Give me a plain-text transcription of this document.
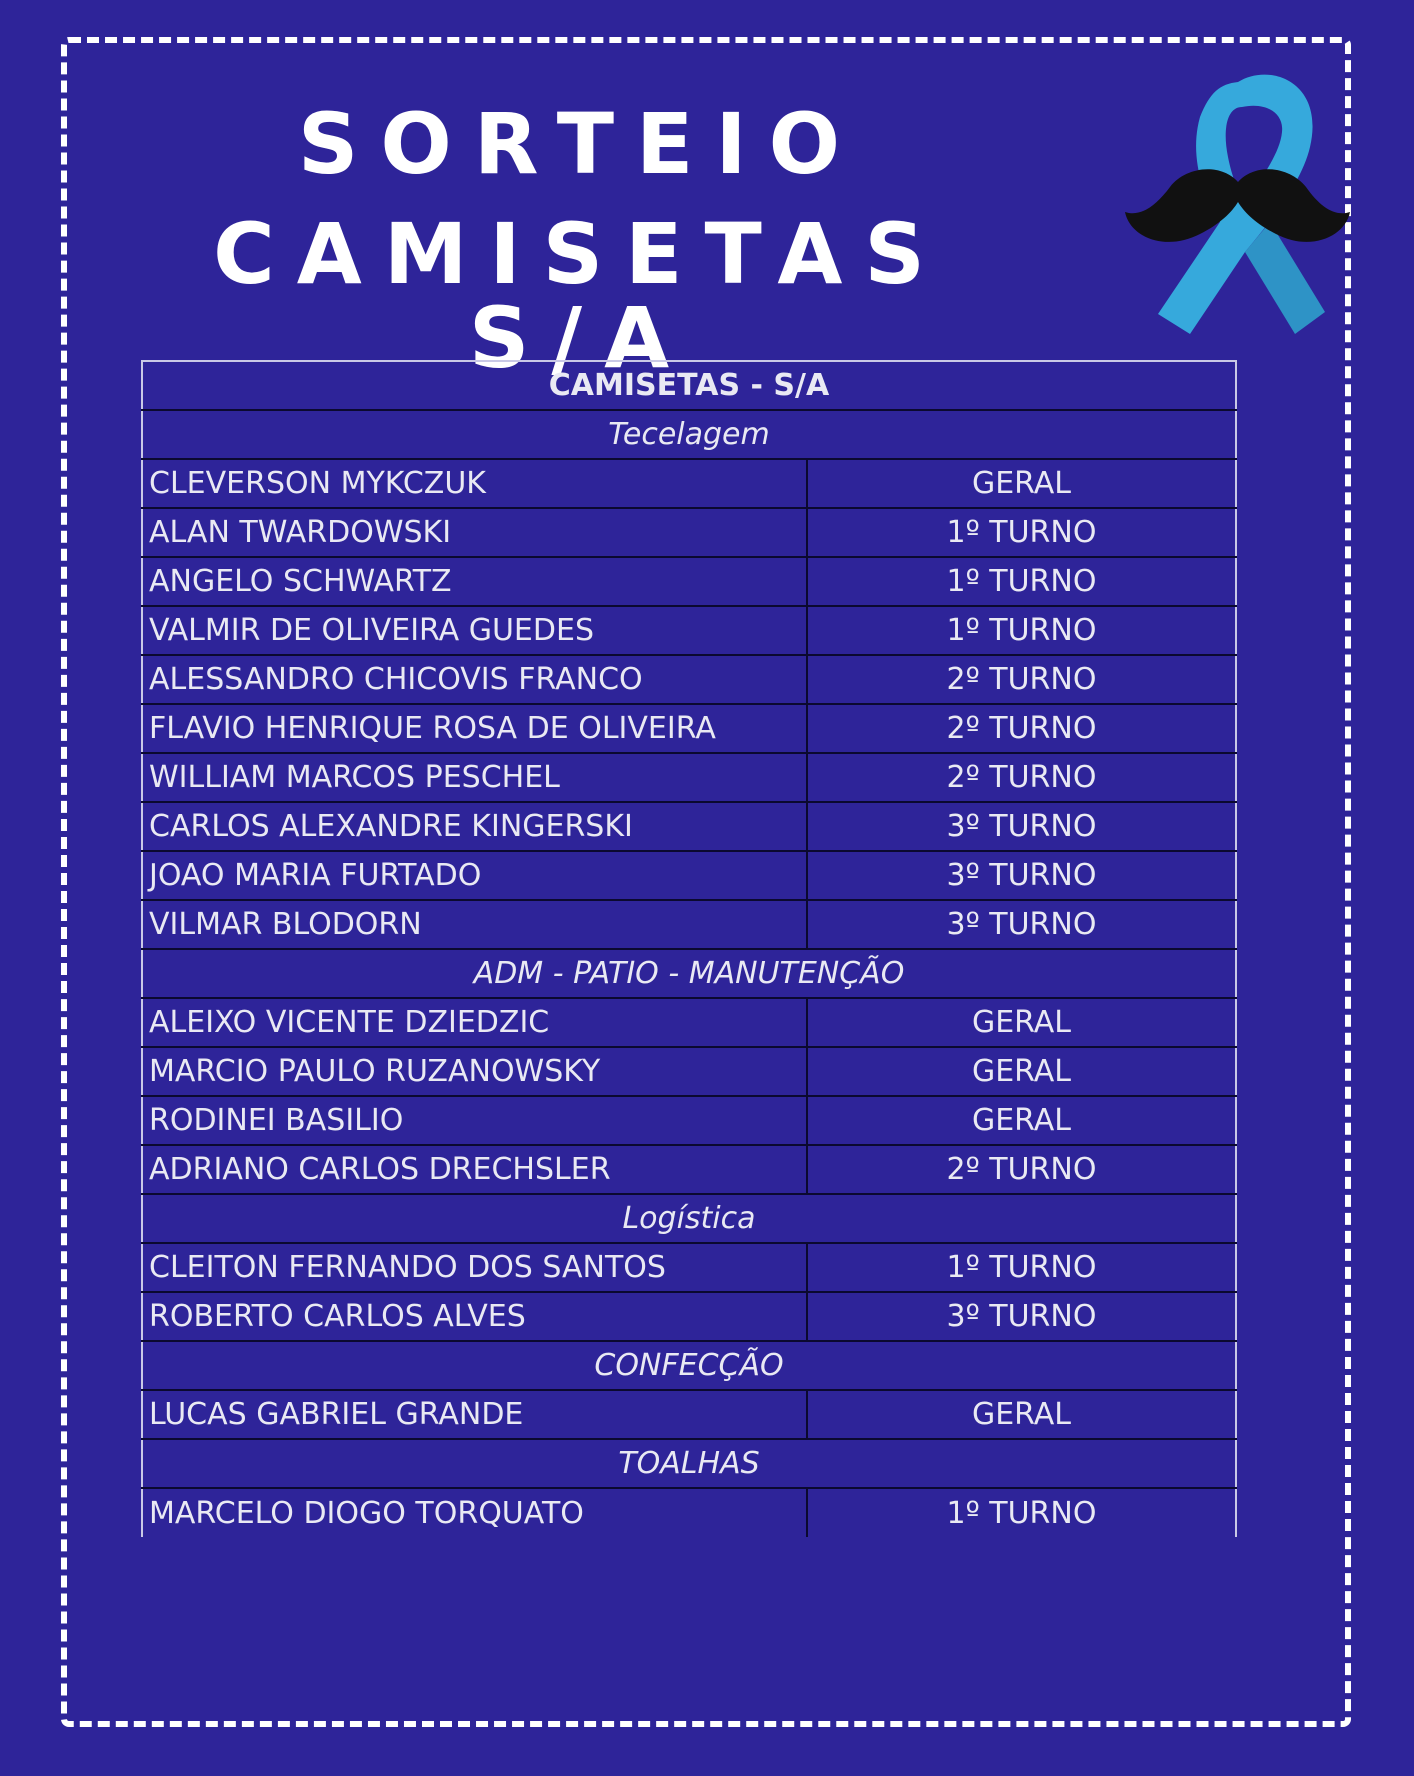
SORTEIO
CAMISETAS S/A
CAMISETAS - S/A	
Tecelagem	
CLEVERSON MYKCZUK	GERAL
ALAN TWARDOWSKI	1º TURNO
ANGELO SCHWARTZ	1º TURNO
VALMIR DE OLIVEIRA GUEDES	1º TURNO
ALESSANDRO CHICOVIS FRANCO	2º TURNO
FLAVIO HENRIQUE ROSA DE OLIVEIRA	2º TURNO
WILLIAM MARCOS PESCHEL	2º TURNO
CARLOS ALEXANDRE KINGERSKI	3º TURNO
JOAO MARIA FURTADO	3º TURNO
VILMAR BLODORN	3º TURNO
ADM - PATIO - MANUTENÇÃO	
ALEIXO VICENTE DZIEDZIC	GERAL
MARCIO PAULO RUZANOWSKY	GERAL
RODINEI BASILIO	GERAL
ADRIANO CARLOS DRECHSLER	2º TURNO
Logística	
CLEITON FERNANDO DOS SANTOS	1º TURNO
ROBERTO CARLOS ALVES	3º TURNO
CONFECÇÃO	
LUCAS GABRIEL GRANDE	GERAL
TOALHAS	
MARCELO DIOGO TORQUATO	1º TURNO
